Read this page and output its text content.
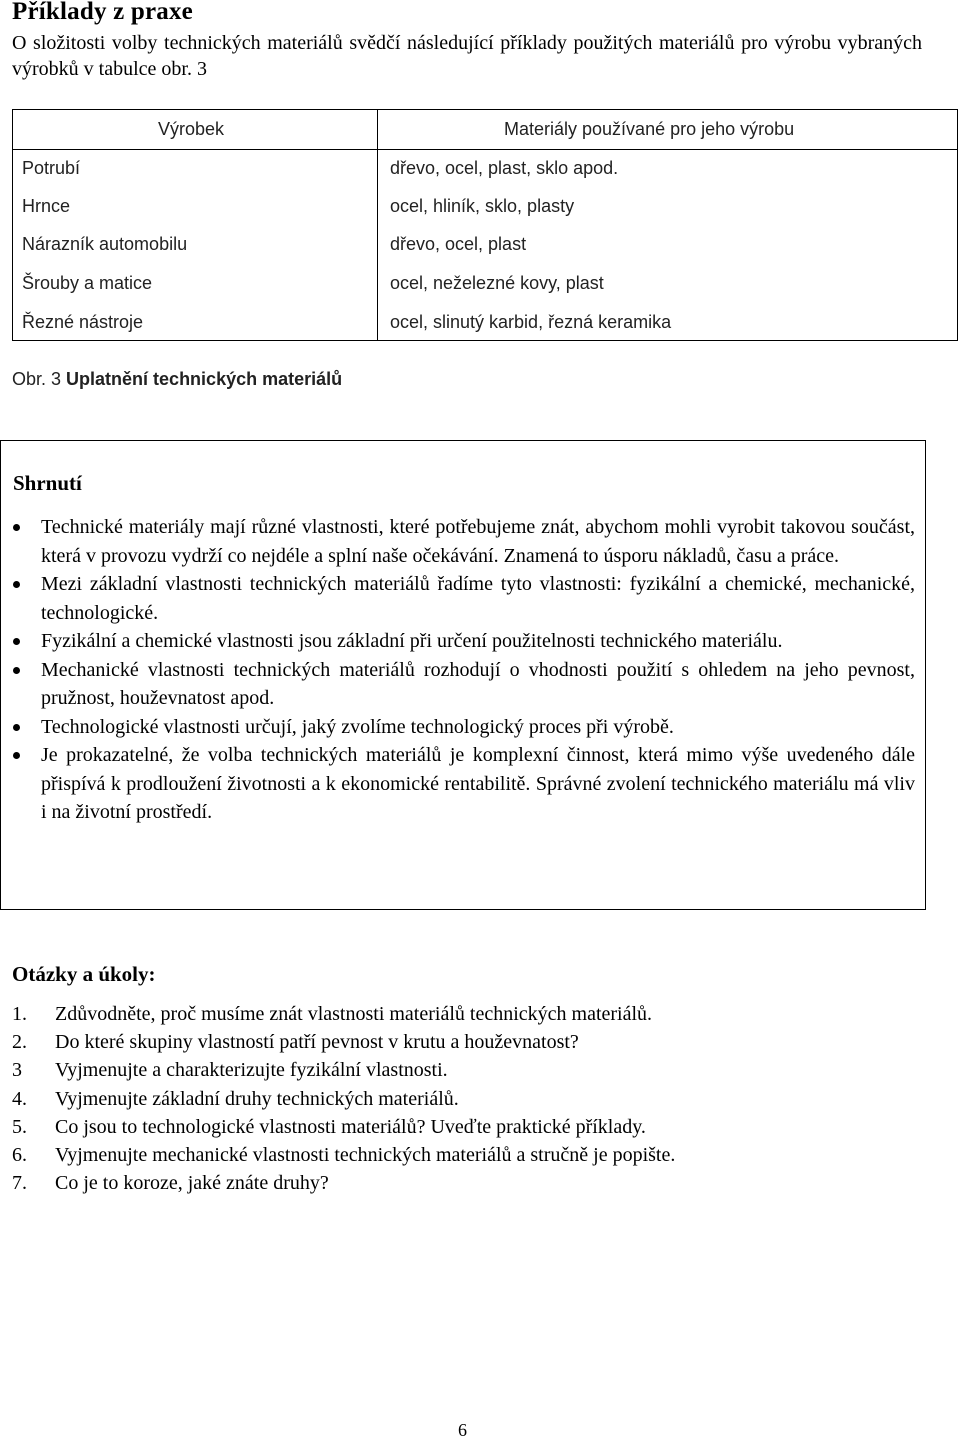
Příklady z praxe
O složitosti volby technických materiálů svědčí následující příklady použitých materiálů pro výrobu vybraných výrobků v tabulce obr. 3
Výrobek	Materiály používané pro jeho výrobu
Potrubí	dřevo, ocel, plast, sklo apod.
Hrnce	ocel, hliník, sklo, plasty
Nárazník automobilu	dřevo, ocel, plast
Šrouby a matice	ocel, neželezné kovy, plast
Řezné nástroje	ocel, slinutý karbid, řezná keramika
Obr. 3 Uplatnění technických materiálů
Shrnutí
Technické materiály mají různé vlastnosti, které potřebujeme znát, abychom mohli vyrobit takovou součást, která v provozu vydrží co nejdéle a splní naše očekávání. Znamená to úsporu nákladů, času a práce.
Mezi základní vlastnosti technických materiálů řadíme tyto vlastnosti: fyzikální a chemické, mechanické, technologické.
Fyzikální a chemické vlastnosti jsou základní při určení použitelnosti technického materiálu.
Mechanické vlastnosti technických materiálů rozhodují o vhodnosti použití s ohledem na jeho pevnost, pružnost, houževnatost apod.
Technologické vlastnosti určují, jaký zvolíme technologický proces při výrobě.
Je prokazatelné, že volba technických materiálů je komplexní činnost, která mimo výše uvedeného dále přispívá k prodloužení životnosti a k ekonomické rentabilitě. Správné zvolení technického materiálu má vliv i na životní prostředí.
Otázky a úkoly:
1. Zdůvodněte, proč musíme znát vlastnosti materiálů technických materiálů.
2. Do které skupiny vlastností patří pevnost v krutu a houževnatost?
3 Vyjmenujte a charakterizujte fyzikální vlastnosti.
4. Vyjmenujte základní druhy technických materiálů.
5. Co jsou to technologické vlastnosti materiálů? Uveďte praktické příklady.
6. Vyjmenujte mechanické vlastnosti technických materiálů a stručně je popište.
7. Co je to koroze, jaké znáte druhy?
6
